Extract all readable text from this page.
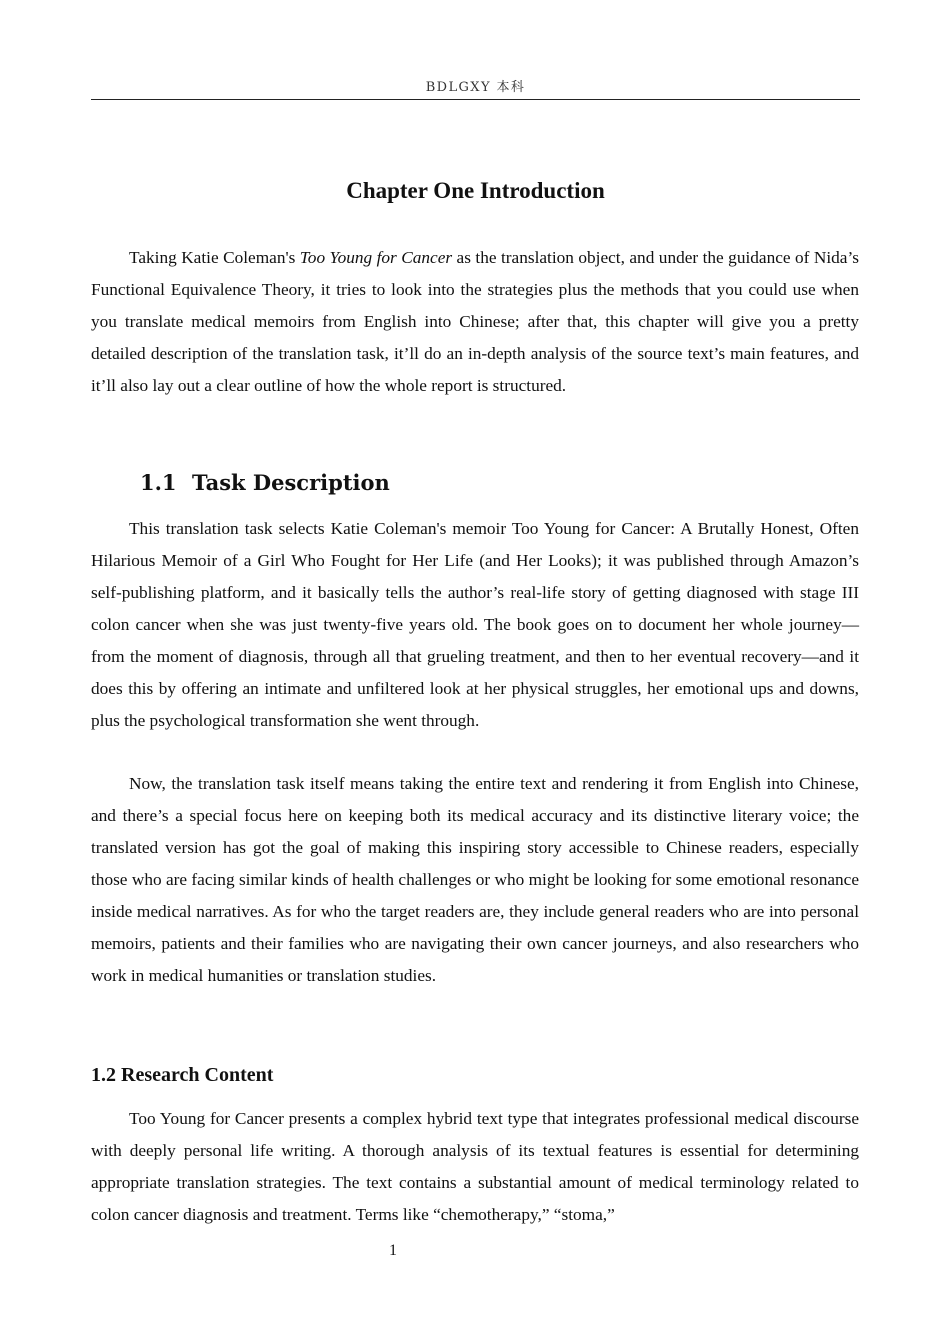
BDLGXY 本科
Chapter One Introduction

Taking Katie Coleman's Too Young for Cancer as the translation object, and under the guidance of Nida’s Functional Equivalence Theory, it tries to look into the strategies plus the methods that you could use when you translate medical memoirs from English into Chinese; after that, this chapter will give you a pretty detailed description of the translation task, it’ll do an in-depth analysis of the source text’s main features, and it’ll also lay out a clear outline of how the whole report is structured.

1.1 Task Description

This translation task selects Katie Coleman's memoir Too Young for Cancer: A Brutally Honest, Often Hilarious Memoir of a Girl Who Fought for Her Life (and Her Looks); it was published through Amazon’s self-publishing platform, and it basically tells the author’s real-life story of getting diagnosed with stage III colon cancer when she was just twenty-five years old. The book goes on to document her whole journey—from the moment of diagnosis, through all that grueling treatment, and then to her eventual recovery—and it does this by offering an intimate and unfiltered look at her physical struggles, her emotional ups and downs, plus the psychological transformation she went through.

Now, the translation task itself means taking the entire text and rendering it from English into Chinese, and there’s a special focus here on keeping both its medical accuracy and its distinctive literary voice; the translated version has got the goal of making this inspiring story accessible to Chinese readers, especially those who are facing similar kinds of health challenges or who might be looking for some emotional resonance inside medical narratives. As for who the target readers are, they include general readers who are into personal memoirs, patients and their families who are navigating their own cancer journeys, and also researchers who work in medical humanities or translation studies.

1.2 Research Content

Too Young for Cancer presents a complex hybrid text type that integrates professional medical discourse with deeply personal life writing. A thorough analysis of its textual features is essential for determining appropriate translation strategies. The text contains a substantial amount of medical terminology related to colon cancer diagnosis and treatment. Terms like “chemotherapy,” “stoma,”

1
